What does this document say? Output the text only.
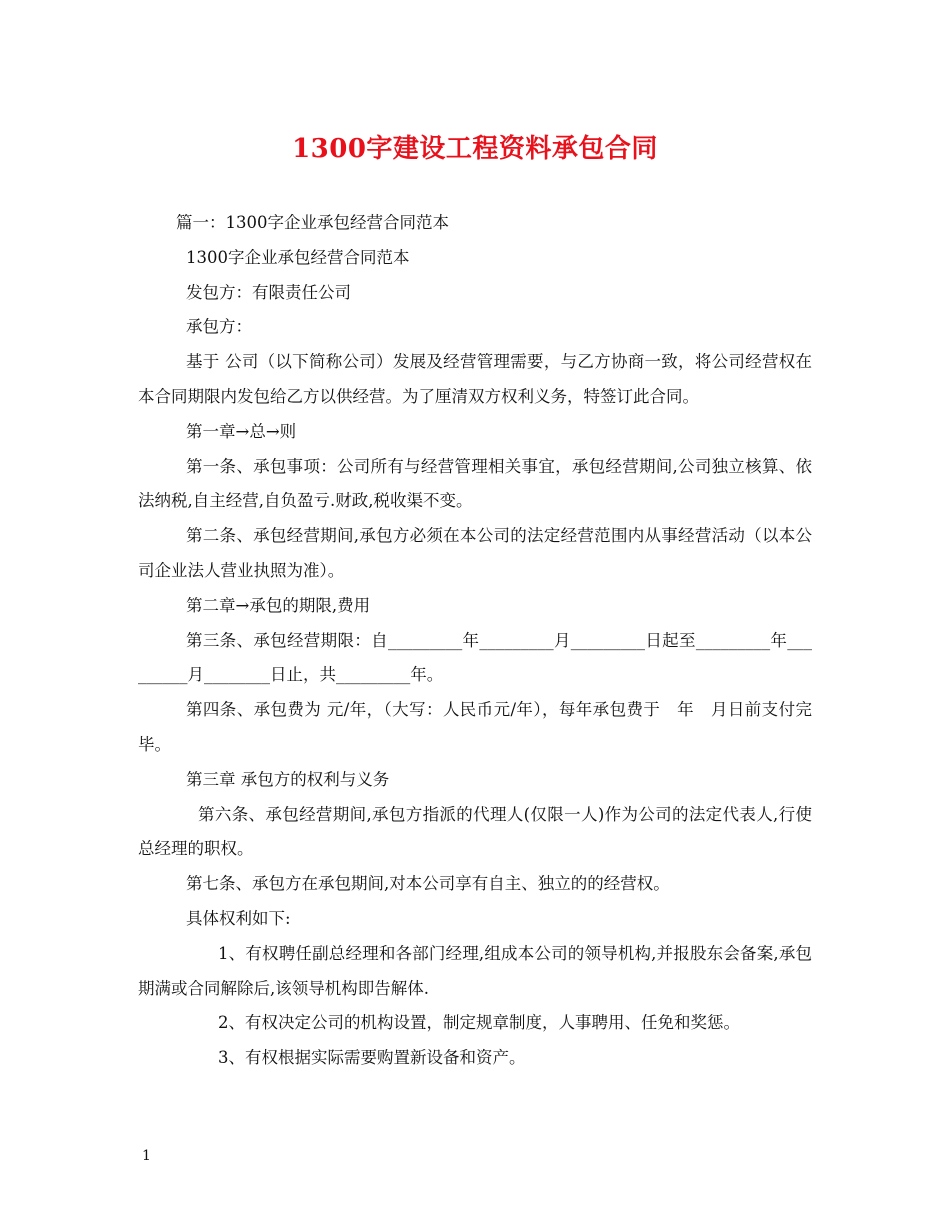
1300字建设工程资料承包合同

篇一：1300字企业承包经营合同范本

1300字企业承包经营合同范本

发包方：有限责任公司

承包方：

基于 公司（以下简称公司）发展及经营管理需要，与乙方协商一致，将公司经营权在本合同期限内发包给乙方以供经营。为了厘清双方权利义务，特签订此合同。

第一章→总→则

第一条、承包事项：公司所有与经营管理相关事宜，承包经营期间,公司独立核算、依法纳税,自主经营,自负盈亏.财政,税收渠不变。

第二条、承包经营期间,承包方必须在本公司的法定经营范围内从事经营活动（以本公司企业法人营业执照为准）。

第二章→承包的期限,费用

第三条、承包经营期限：自_________年_________月_________日起至_________年_________月________日止，共_________年。

第四条、承包费为 元/年，（大写：人民币元/年），每年承包费于　年　月日前支付完毕。

第三章 承包方的权利与义务

第六条、承包经营期间,承包方指派的代理人(仅限一人)作为公司的法定代表人,行使总经理的职权。

第七条、承包方在承包期间,对本公司享有自主、独立的的经营权。

具体权利如下:

1、有权聘任副总经理和各部门经理,组成本公司的领导机构,并报股东会备案,承包期满或合同解除后,该领导机构即告解体.

2、有权决定公司的机构设置，制定规章制度，人事聘用、任免和奖惩。

3、有权根据实际需要购置新设备和资产。

1
